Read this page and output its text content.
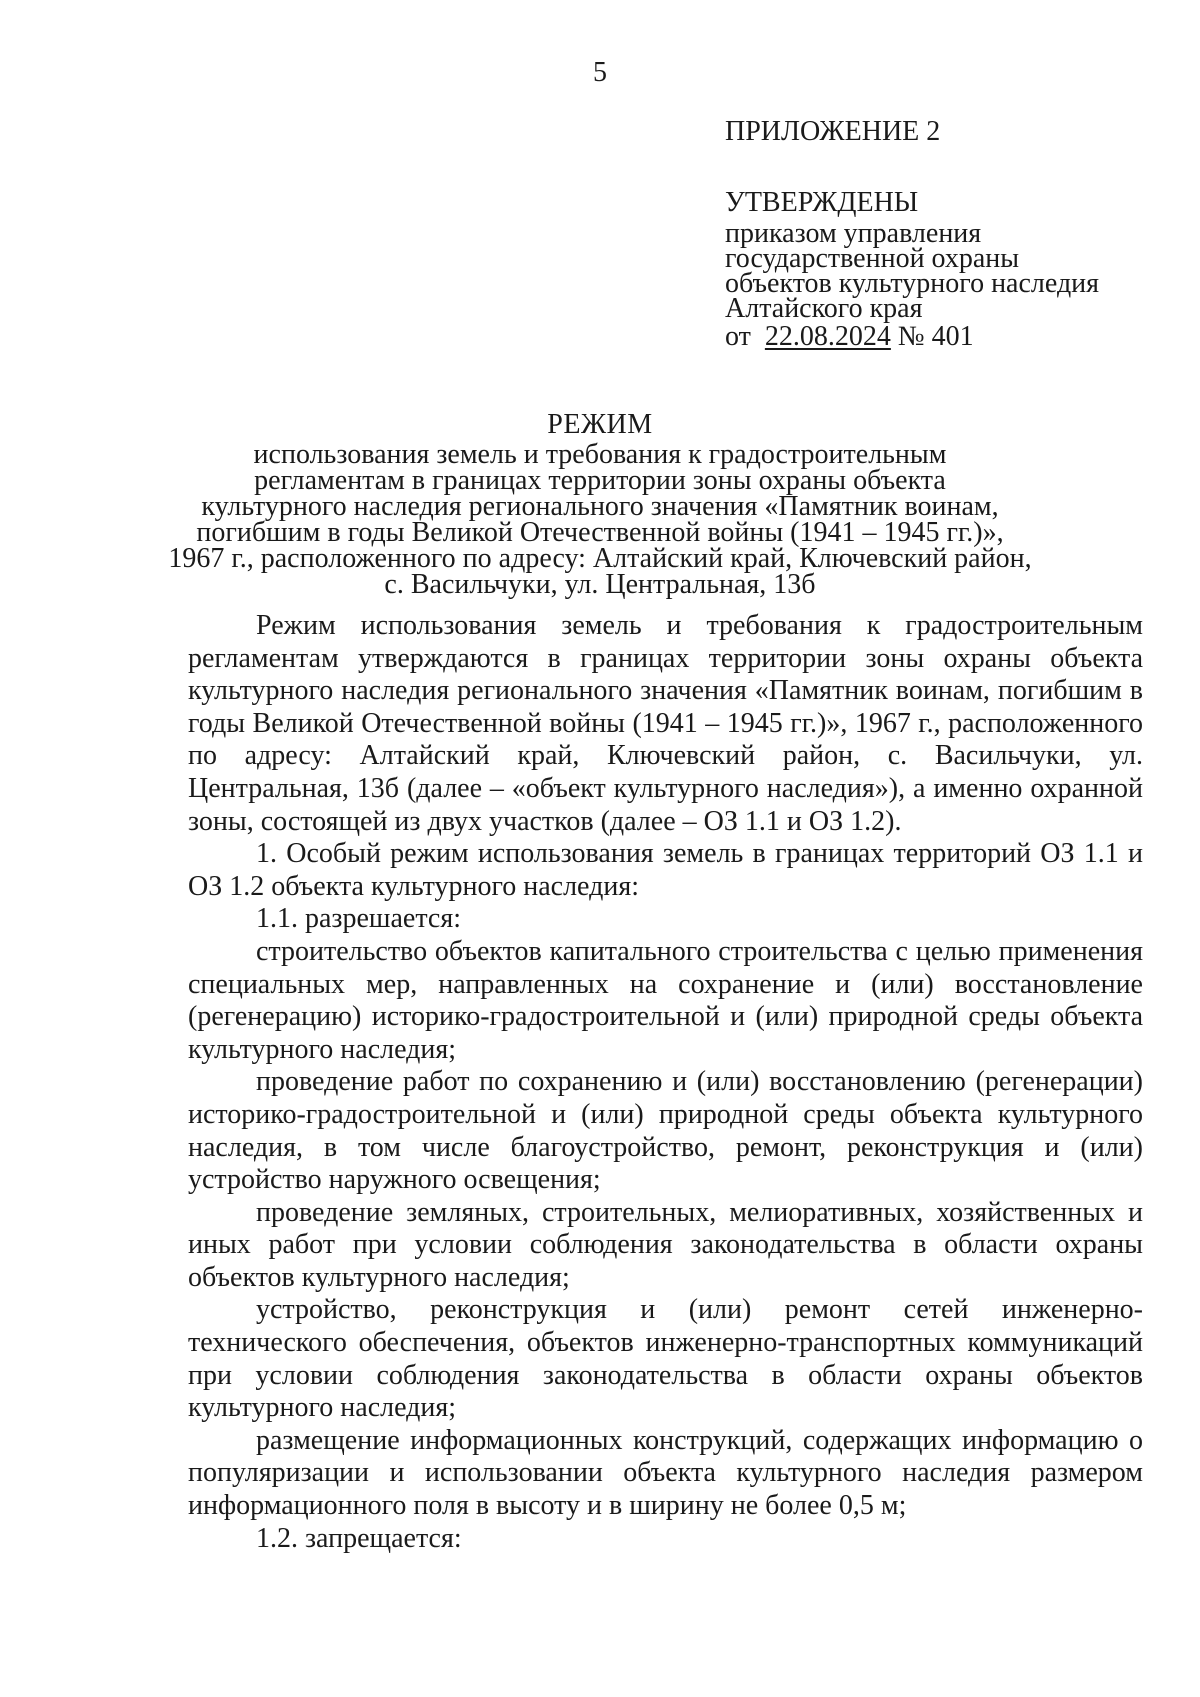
5
ПРИЛОЖЕНИЕ 2
УТВЕРЖДЕНЫ
приказом управления
государственной охраны
объектов культурного наследия
Алтайского края
от 22.08.2024 № 401
РЕЖИМ
использования земель и требования к градостроительным
регламентам в границах территории зоны охраны объекта
культурного наследия регионального значения «Памятник воинам,
погибшим в годы Великой Отечественной войны (1941 – 1945 гг.)»,
1967 г., расположенного по адресу: Алтайский край, Ключевский район,
с. Васильчуки, ул. Центральная, 13б

Режим использования земель и требования к градостроительным регламентам утверждаются в границах территории зоны охраны объекта культурного наследия регионального значения «Памятник воинам, погибшим в годы Великой Отечественной войны (1941 – 1945 гг.)», 1967 г., расположенного по адресу: Алтайский край, Ключевский район, с. Васильчуки, ул. Центральная, 13б (далее – «объект культурного наследия»), а именно охранной зоны, состоящей из двух участков (далее – ОЗ 1.1 и ОЗ 1.2).

1. Особый режим использования земель в границах территорий ОЗ 1.1 и ОЗ 1.2 объекта культурного наследия:

1.1. разрешается:

строительство объектов капитального строительства с целью применения специальных мер, направленных на сохранение и (или) восстановление (регенерацию) историко-градостроительной и (или) природной среды объекта культурного наследия;

проведение работ по сохранению и (или) восстановлению (регенерации) историко-градостроительной и (или) природной среды объекта культурного наследия, в том числе благоустройство, ремонт, реконструкция и (или) устройство наружного освещения;

проведение земляных, строительных, мелиоративных, хозяйственных и иных работ при условии соблюдения законодательства в области охраны объектов культурного наследия;

устройство, реконструкция и (или) ремонт сетей инженерно-технического обеспечения, объектов инженерно-транспортных коммуникаций при условии соблюдения законодательства в области охраны объектов культурного наследия;

размещение информационных конструкций, содержащих информацию о популяризации и использовании объекта культурного наследия размером информационного поля в высоту и в ширину не более 0,5 м;

1.2. запрещается:
